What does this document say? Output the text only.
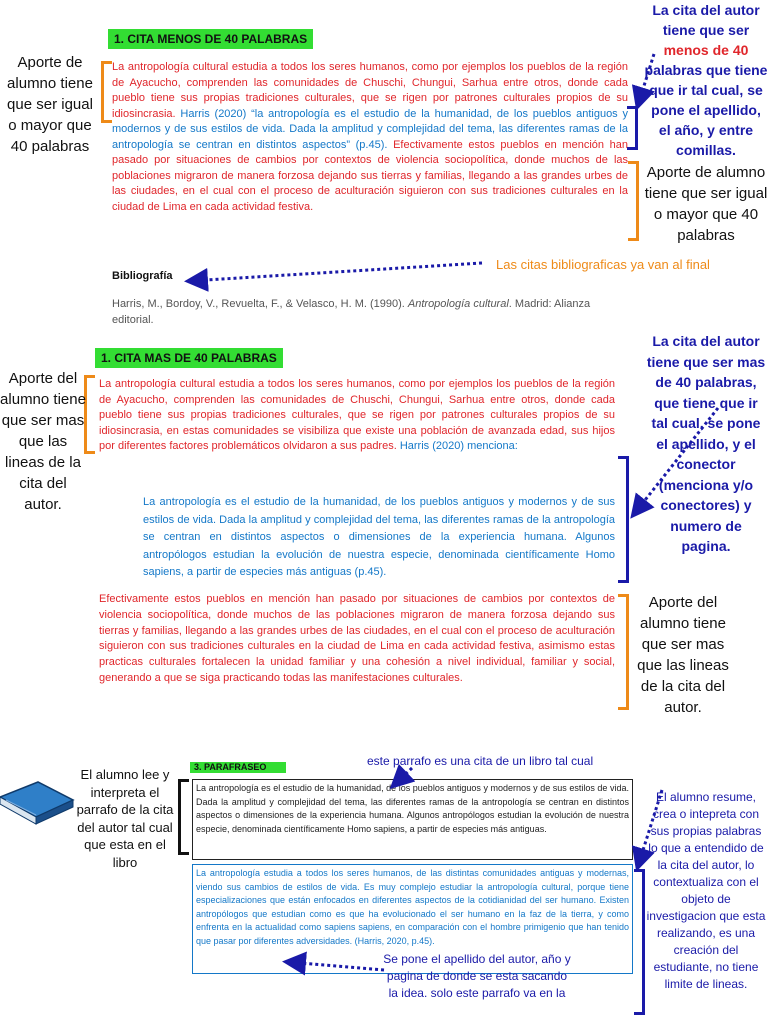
1. CITA MENOS DE 40 PALABRAS
La antropología cultural estudia a todos los seres humanos, como por ejemplos los pueblos de la región de Ayacucho, comprenden las comunidades de Chuschi, Chungui, Sarhua entre otros, donde cada pueblo tiene sus propias tradiciones culturales, que se rigen por patrones culturales propios de su idiosincrasia. Harris (2020) “la antropología es el estudio de la humanidad, de los pueblos antiguos y modernos y de sus estilos de vida. Dada la amplitud y complejidad del tema, las diferentes ramas de la antropología se centran en distintos aspectos” (p.45). Efectivamente estos pueblos en mención han pasado por situaciones de cambios por contextos de violencia sociopolítica, donde muchos de las poblaciones migraron de manera forzosa dejando sus tierras y familias, llegando a las grandes urbes de las ciudades, en el cual con el proceso de aculturación siguieron con sus tradiciones culturales en la ciudad de Lima en cada actividad festiva.
Aporte de alumno tiene que ser igual o mayor que 40 palabras
La cita del autor tiene que ser menos de 40 palabras que tiene que ir tal cual, se pone el apellido, el año, y entre comillas.
Aporte de alumno tiene que ser igual o mayor que 40 palabras
Bibliografía
Las citas bibliograficas ya van al final
Harris, M., Bordoy, V., Revuelta, F., & Velasco, H. M. (1990). Antropología cultural. Madrid: Alianza editorial.
1. CITA MAS DE 40 PALABRAS
La antropología cultural estudia a todos los seres humanos, como por ejemplos los pueblos de la región de Ayacucho, comprenden las comunidades de Chuschi, Chungui, Sarhua entre otros, donde cada pueblo tiene sus propias tradiciones culturales, que se rigen por patrones culturales propios de su idiosincrasia, en estas comunidades se visibiliza que existe una población de avanzada edad, sus hijos por diferentes factores problemáticos olvidaron a sus padres. Harris (2020) menciona:
La antropología es el estudio de la humanidad, de los pueblos antiguos y modernos y de sus estilos de vida. Dada la amplitud y complejidad del tema, las diferentes ramas de la antropología se centran en distintos aspectos o dimensiones de la experiencia humana. Algunos antropólogos estudian la evolución de nuestra especie, denominada científicamente Homo sapiens, a partir de especies más antiguas (p.45).
Efectivamente estos pueblos en mención han pasado por situaciones de cambios por contextos de violencia sociopolítica, donde muchos de las poblaciones migraron de manera forzosa dejando sus tierras y familias, llegando a las grandes urbes de las ciudades, en el cual con el proceso de aculturación siguieron con sus tradiciones culturales en la ciudad de Lima en cada actividad festiva, asimismo estas practicas culturales fortalecen la unidad familiar y una cohesión a nivel individual, familiar y social, generando a que se siga practicando todas las manifestaciones culturales.
Aporte del alumno tiene que ser mas que las lineas de la cita del autor.
La cita del autor tiene que ser mas de 40 palabras, que tiene que ir tal cual, se pone el apellido, y el conector (menciona y/o conectores) y numero de pagina.
Aporte del alumno tiene que ser mas que las lineas de la cita del autor.
3. PARAFRASEO	este parrafo es una cita de un libro tal cual
La antropología es el estudio de la humanidad, de los pueblos antiguos y modernos y de sus estilos de vida. Dada la amplitud y complejidad del tema, las diferentes ramas de la antropología se centran en distintos aspectos o dimensiones de la experiencia humana. Algunos antropólogos estudian la evolución de nuestra especie, denominada científicamente Homo sapiens, a partir de especies más antiguas.
La antropología estudia a todos los seres humanos, de las distintas comunidades antiguas y modernas, viendo sus cambios de estilos de vida. Es muy complejo estudiar la antropología cultural, porque tiene especializaciones que están enfocados en diferentes aspectos de la cotidianidad del ser humano. Existen antropólogos que estudian como es que ha evolucionado el ser humano en la faz de la tierra, y como enfrenta en la actualidad como sapiens sapiens, en comparación con el hombre primigenio que han tenido que pasar por diferentes adversidades. (Harris, 2020, p.45).
El alumno lee y interpreta el parrafo de la cita del autor tal cual que esta en el libro
El alumno resume, crea o intepreta con sus propias palabras lo que a entendido de la cita del autor, lo contextualiza con el objeto de investigacion que esta realizando, es una creación del estudiante, no tiene limite de lineas.
Se pone el apellido del autor, año y pagina de donde se esta sacando la idea. solo este parrafo va en la
